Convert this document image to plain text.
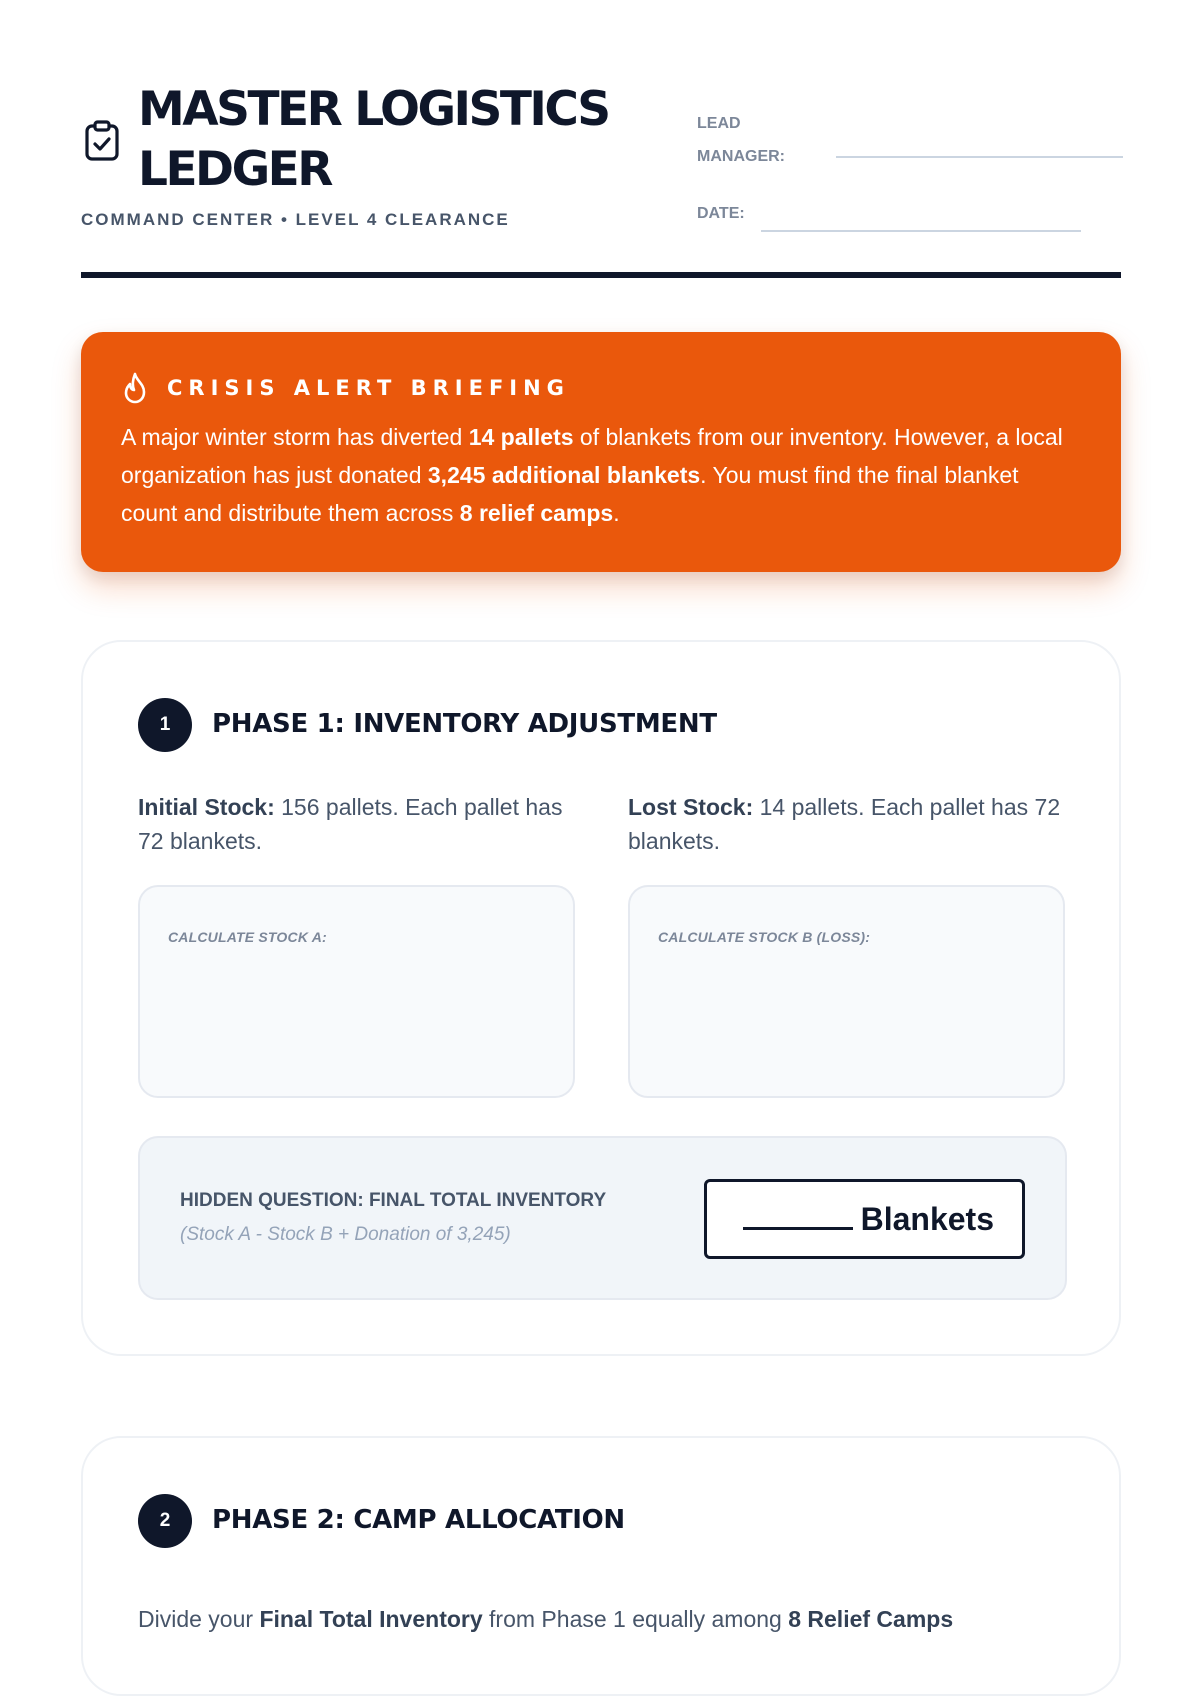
MASTER LOGISTICS LEDGER
COMMAND CENTER • LEVEL 4 CLEARANCE
LEAD
MANAGER:
DATE:
CRISIS ALERT BRIEFING
A major winter storm has diverted 14 pallets of blankets from our inventory. However, a local organization has just donated 3,245 additional blankets. You must find the final blanket count and distribute them across 8 relief camps.
1	PHASE 1: INVENTORY ADJUSTMENT
Initial Stock: 156 pallets. Each pallet has 72 blankets.
Lost Stock: 14 pallets. Each pallet has 72 blankets.
CALCULATE STOCK A:	CALCULATE STOCK B (LOSS):
HIDDEN QUESTION: FINAL TOTAL INVENTORY
(Stock A - Stock B + Donation of 3,245)	Blankets
2	PHASE 2: CAMP ALLOCATION
Divide your Final Total Inventory from Phase 1 equally among 8 Relief Camps
